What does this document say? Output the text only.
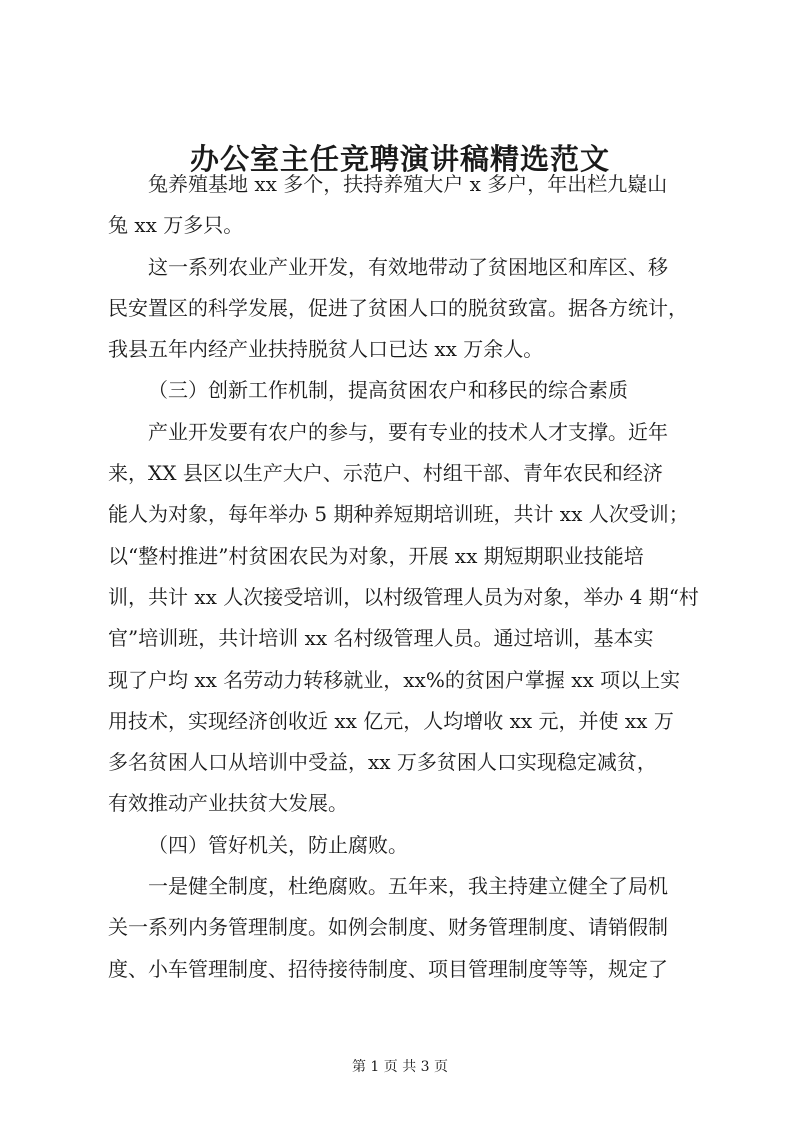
办公室主任竞聘演讲稿精选范文
兔养殖基地 xx 多个，扶持养殖大户 x 多户，年出栏九嶷山
兔 xx 万多只。
这一系列农业产业开发，有效地带动了贫困地区和库区、移
民安置区的科学发展，促进了贫困人口的脱贫致富。据各方统计，
我县五年内经产业扶持脱贫人口已达 xx 万余人。
（三）创新工作机制，提高贫困农户和移民的综合素质
产业开发要有农户的参与，要有专业的技术人才支撑。近年
来，XX 县区以生产大户、示范户、村组干部、青年农民和经济
能人为对象，每年举办 5 期种养短期培训班，共计 xx 人次受训；
以“整村推进”村贫困农民为对象，开展 xx 期短期职业技能培
训，共计 xx 人次接受培训，以村级管理人员为对象，举办 4 期“村
官”培训班，共计培训 xx 名村级管理人员。通过培训，基本实
现了户均 xx 名劳动力转移就业，xx%的贫困户掌握 xx 项以上实
用技术，实现经济创收近 xx 亿元，人均增收 xx 元，并使 xx 万
多名贫困人口从培训中受益，xx 万多贫困人口实现稳定减贫，
有效推动产业扶贫大发展。
（四）管好机关，防止腐败。
一是健全制度，杜绝腐败。五年来，我主持建立健全了局机
关一系列内务管理制度。如例会制度、财务管理制度、请销假制
度、小车管理制度、招待接待制度、项目管理制度等等，规定了
第 1 页 共 3 页
